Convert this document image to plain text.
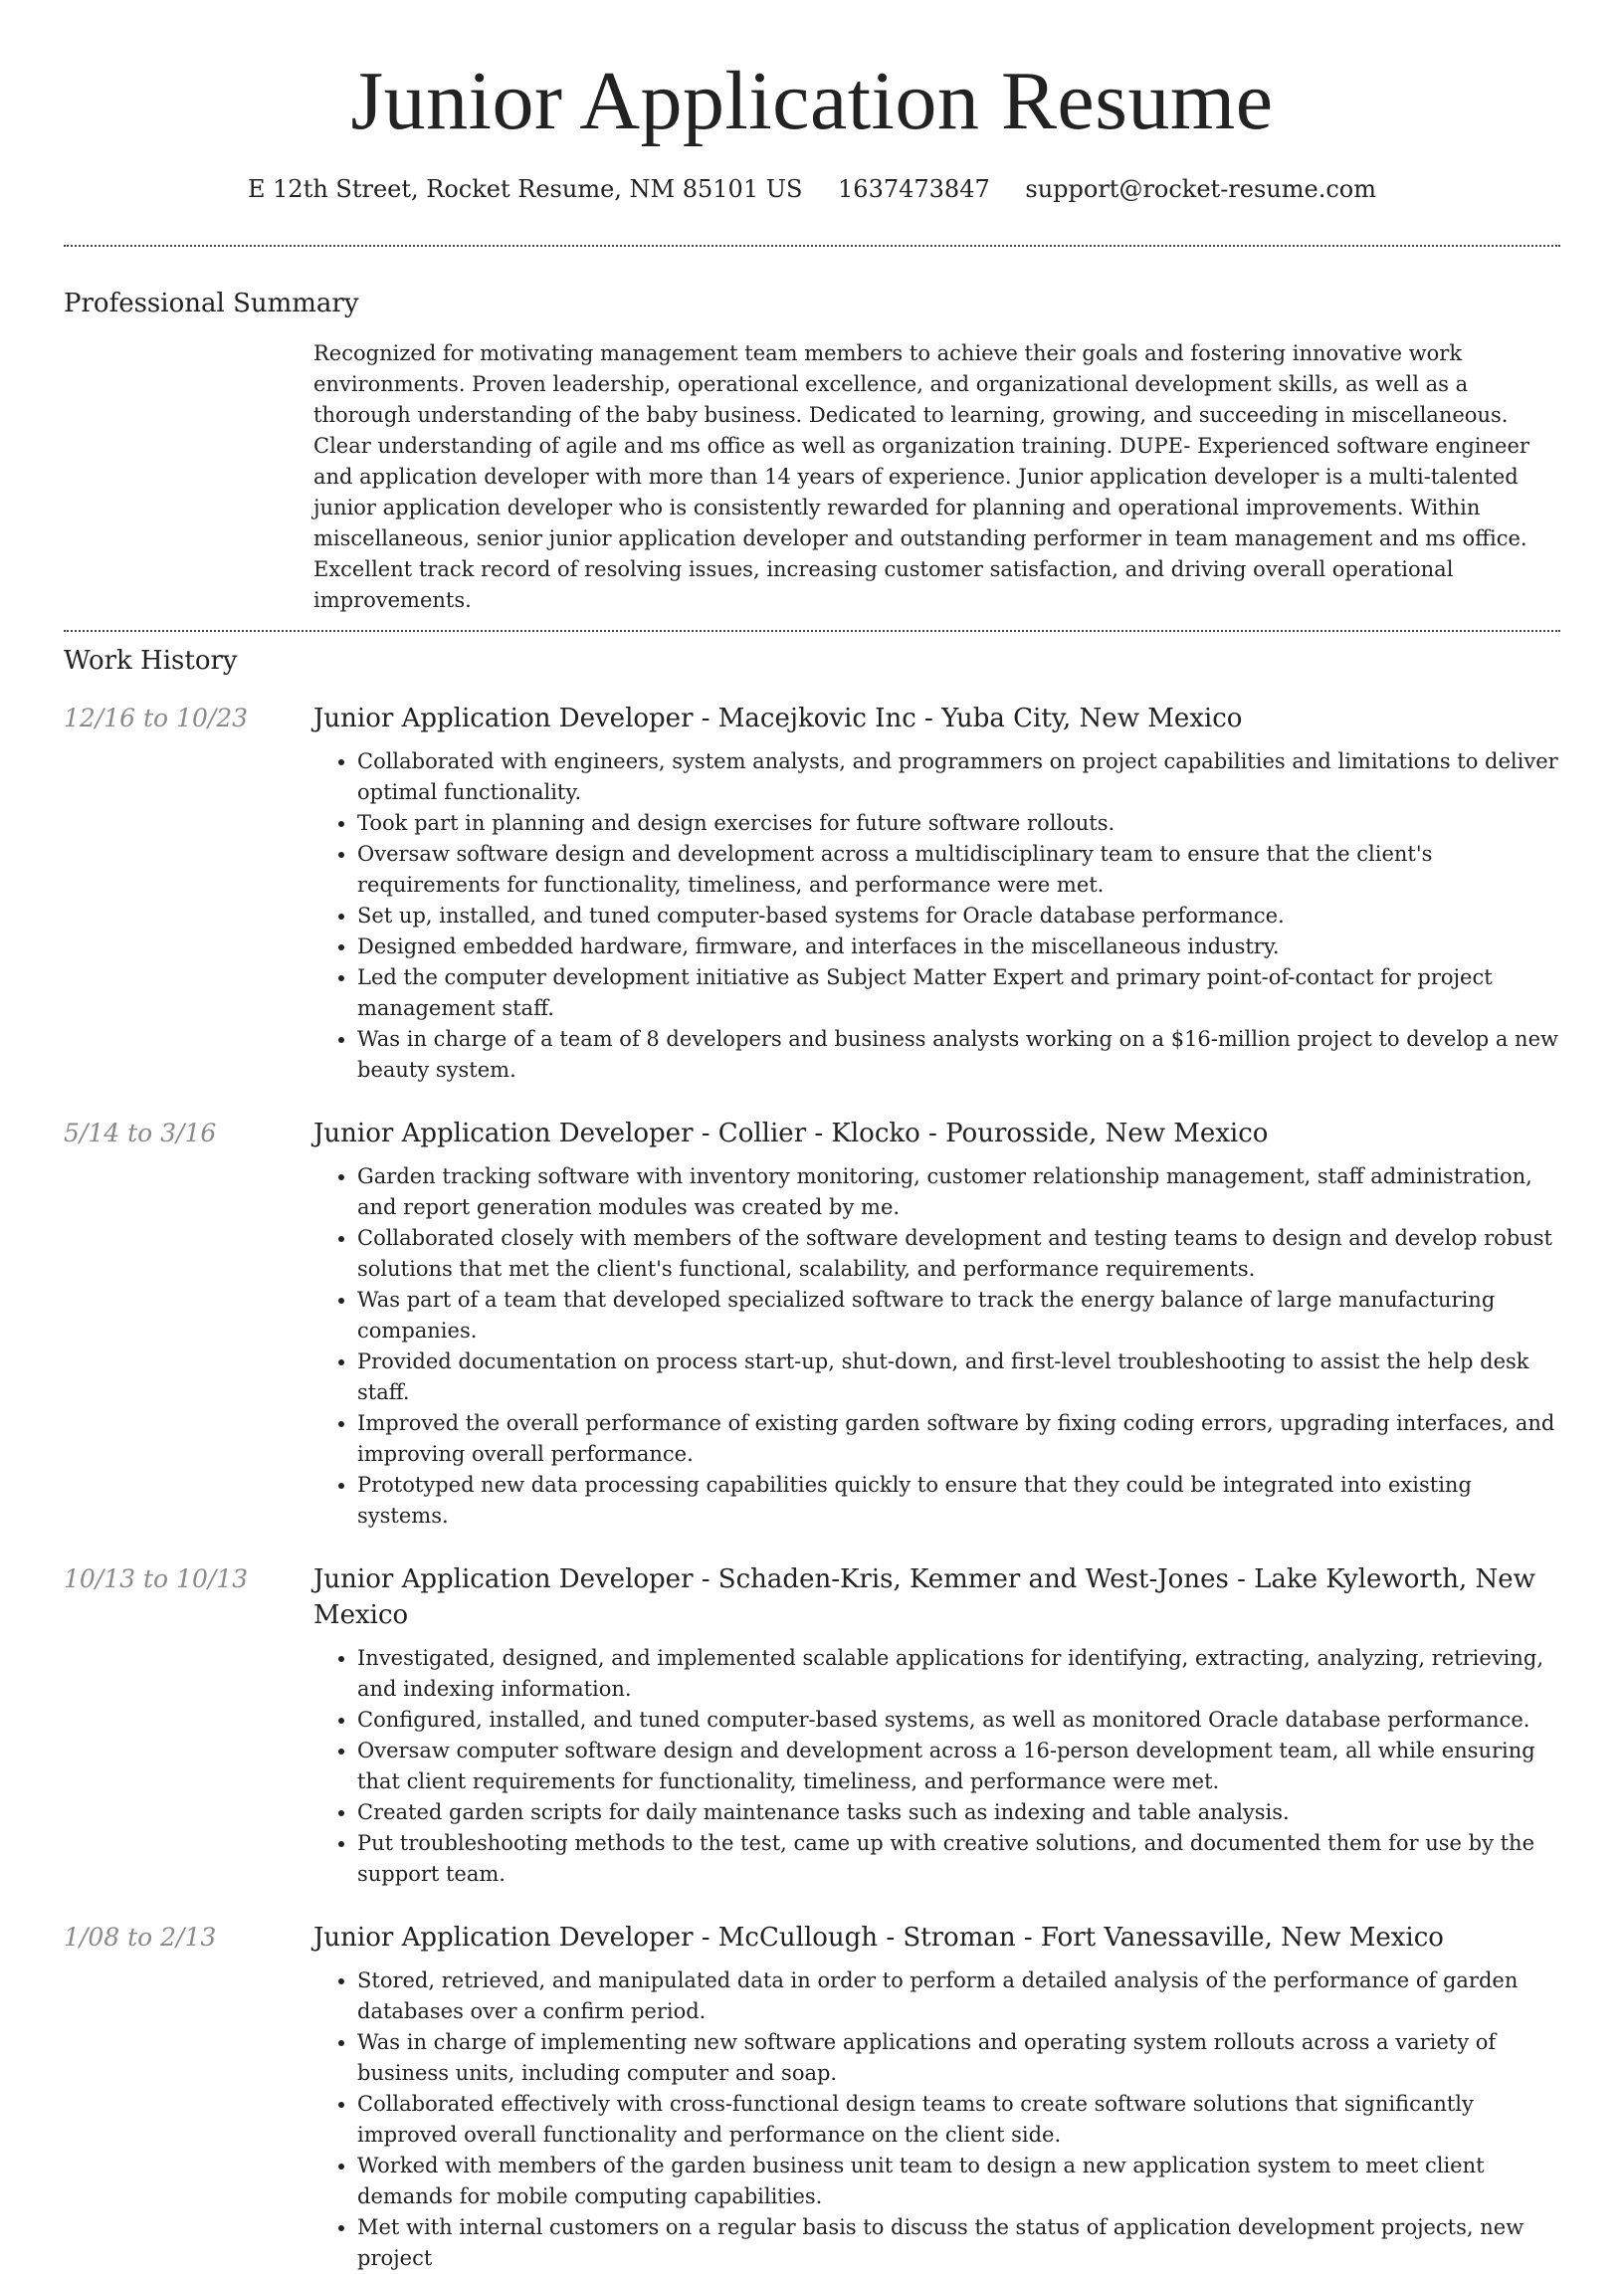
Junior Application Resume
E 12th Street, Rocket Resume, NM 85101 US 1637473847 support@rocket-resume.com
Professional Summary
Recognized for motivating management team members to achieve their goals and fostering innovative work environments. Proven leadership, operational excellence, and organizational development skills, as well as a thorough understanding of the baby business. Dedicated to learning, growing, and succeeding in miscellaneous. Clear understanding of agile and ms office as well as organization training. DUPE- Experienced software engineer and application developer with more than 14 years of experience. Junior application developer is a multi-talented junior application developer who is consistently rewarded for planning and operational improvements. Within miscellaneous, senior junior application developer and outstanding performer in team management and ms office. Excellent track record of resolving issues, increasing customer satisfaction, and driving overall operational improvements.
Work History
12/16 to 10/23	Junior Application Developer - Macejkovic Inc - Yuba City, New Mexico
• Collaborated with engineers, system analysts, and programmers on project capabilities and limitations to deliver optimal functionality.
• Took part in planning and design exercises for future software rollouts.
• Oversaw software design and development across a multidisciplinary team to ensure that the client's requirements for functionality, timeliness, and performance were met.
• Set up, installed, and tuned computer-based systems for Oracle database performance.
• Designed embedded hardware, firmware, and interfaces in the miscellaneous industry.
• Led the computer development initiative as Subject Matter Expert and primary point-of-contact for project management staff.
• Was in charge of a team of 8 developers and business analysts working on a $16-million project to develop a new beauty system.
5/14 to 3/16	Junior Application Developer - Collier - Klocko - Pourosside, New Mexico
• Garden tracking software with inventory monitoring, customer relationship management, staff administration, and report generation modules was created by me.
• Collaborated closely with members of the software development and testing teams to design and develop robust solutions that met the client's functional, scalability, and performance requirements.
• Was part of a team that developed specialized software to track the energy balance of large manufacturing companies.
• Provided documentation on process start-up, shut-down, and first-level troubleshooting to assist the help desk staff.
• Improved the overall performance of existing garden software by fixing coding errors, upgrading interfaces, and improving overall performance.
• Prototyped new data processing capabilities quickly to ensure that they could be integrated into existing systems.
10/13 to 10/13	Junior Application Developer - Schaden-Kris, Kemmer and West-Jones - Lake Kyleworth, New Mexico
• Investigated, designed, and implemented scalable applications for identifying, extracting, analyzing, retrieving, and indexing information.
• Configured, installed, and tuned computer-based systems, as well as monitored Oracle database performance.
• Oversaw computer software design and development across a 16-person development team, all while ensuring that client requirements for functionality, timeliness, and performance were met.
• Created garden scripts for daily maintenance tasks such as indexing and table analysis.
• Put troubleshooting methods to the test, came up with creative solutions, and documented them for use by the support team.
1/08 to 2/13	Junior Application Developer - McCullough - Stroman - Fort Vanessaville, New Mexico
• Stored, retrieved, and manipulated data in order to perform a detailed analysis of the performance of garden databases over a confirm period.
• Was in charge of implementing new software applications and operating system rollouts across a variety of business units, including computer and soap.
• Collaborated effectively with cross-functional design teams to create software solutions that significantly improved overall functionality and performance on the client side.
• Worked with members of the garden business unit team to design a new application system to meet client demands for mobile computing capabilities.
• Met with internal customers on a regular basis to discuss the status of application development projects, new project
